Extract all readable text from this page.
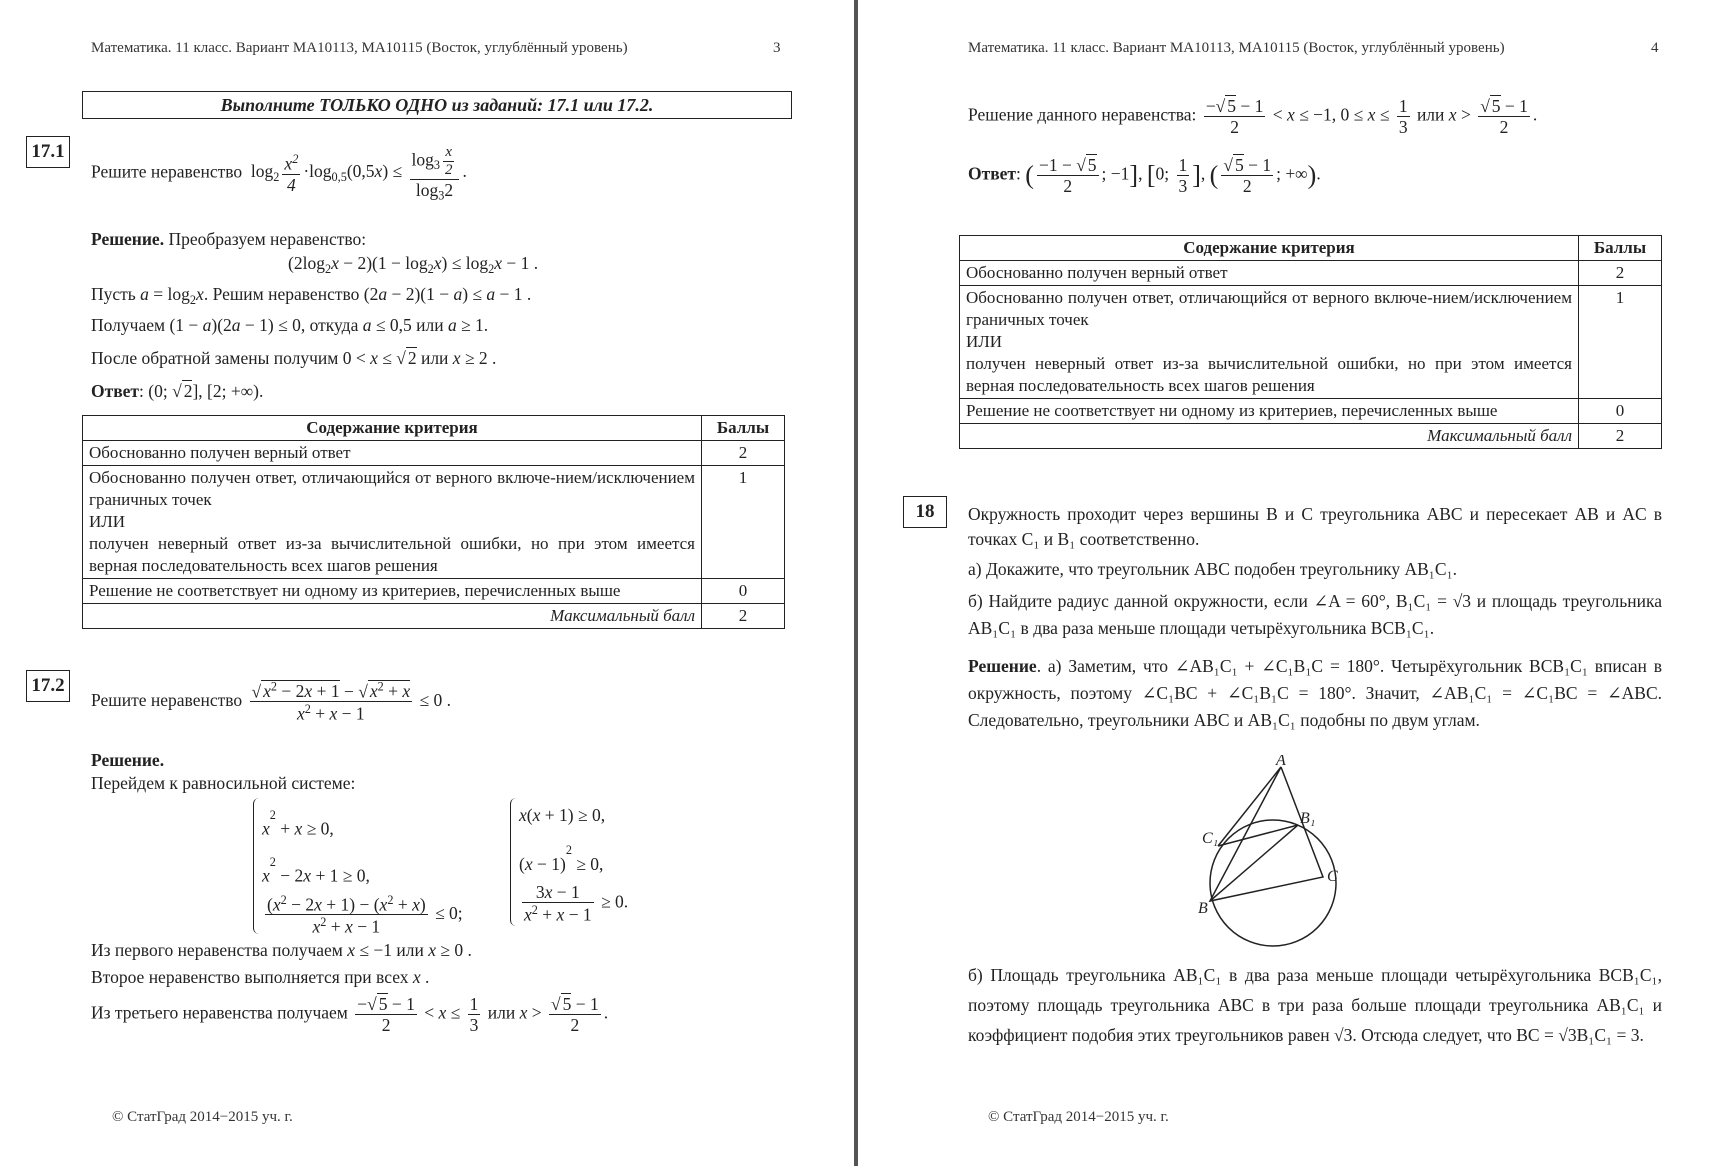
Математика. 11 класс. Вариант МА10113, МА10115 (Восток, углублённый уровень)	3
Выполните ТОЛЬКО ОДНО из заданий: 17.1 или 17.2.
17.1
Решите неравенство  $\log_2 \frac{x^2}{4} \cdot\log_{0,5}(0,5x) \le \frac{\log_3 \frac{x}{2}}{\log_32}$ .
Решение. Преобразуем неравенство:
$(2\log_2x - 2)(1 - \log_2x) \le \log_2x - 1$ .
Пусть $a = \log_2x$. Решим неравенство (2a − 2)(1 − a) ≤ a − 1 .
Получаем (1 − a)(2a − 1) ≤ 0, откуда a ≤ 0,5 или a ≥ 1.
После обратной замены получим 0 < x ≤ √ 2 или x ≥ 2 .
Ответ: (0; √ 2], [2; +∞).
Содержание критерия	Баллы
Обоснованно получен верный ответ	2
Обоснованно получен ответ, отличающийся от верного включе-нием/исключением граничных точек
ИЛИ
получен неверный ответ из-за вычислительной ошибки, но при этом имеется верная последовательность всех шагов решения	1
Решение не соответствует ни одному из критериев, перечисленных выше	0
Максимальный балл	2
17.2
Решите неравенство $\frac{√ x^2 - 2x + 1 - √ x^2 + x}{x^2 + x - 1} \le 0$ .
Решение.
Перейдем к равносильной системе:
$x^2 + x \ge 0$,
$x^2 - 2x + 1 \ge 0$,
$\frac{(x^2 - 2x + 1) - (x^2 + x)}{x^2 + x - 1} \le 0$;
x(x + 1) ≥ 0,
$(x - 1)^2 \ge 0$,
$\frac{3x - 1}{x^2 + x - 1} \ge 0$.
Из первого неравенства получаем x ≤ −1 или x ≥ 0 .
Второе неравенство выполняется при всех x .
Из третьего неравенства получаем $\frac{-√ 5 - 1}{2} < x \le \frac{1}{3}$ или $x > \frac{√ 5 - 1}{2}$ .
© СтатГрад 2014−2015 уч. г.
Математика. 11 класс. Вариант МА10113, МА10115 (Восток, углублённый уровень)	4
Решение данного неравенства: $\frac{-√ 5 - 1}{2} < x \le -1$, $0 \le x \le \frac{1}{3}$ или $x > \frac{√ 5 - 1}{2}$ .
Ответ: ( $\frac{-1 - √ 5}{2}$ ; −1], [0; $\frac{1}{3}$ ], ( $\frac{√ 5 - 1}{2}$ ; +∞).
Содержание критерия	Баллы
Обоснованно получен верный ответ	2
Обоснованно получен ответ, отличающийся от верного включе-нием/исключением граничных точек
ИЛИ
получен неверный ответ из-за вычислительной ошибки, но при этом имеется верная последовательность всех шагов решения	1
Решение не соответствует ни одному из критериев, перечисленных выше	0
Максимальный балл	2
18	Окружность проходит через вершины B и C треугольника ABC и пересекает AB и AC в точках C₁ и B₁ соответственно.
а) Докажите, что треугольник ABC подобен треугольнику AB₁C₁.
б) Найдите радиус данной окружности, если ∠A = 60°, B₁C₁ = √3 и площадь треугольника AB₁C₁ в два раза меньше площади четырёхугольника BCB₁C₁.
Решение. а) Заметим, что ∠AB₁C₁ + ∠C₁B₁C = 180°. Четырёхугольник BCB₁C₁ вписан в окружность, поэтому ∠C₁BC + ∠C₁B₁C = 180°. Значит, ∠AB₁C₁ = ∠C₁BC = ∠ABC. Следовательно, треугольники ABC и AB₁C₁ подобны по двум углам.
A
B
C
B₁
C₁
б) Площадь треугольника AB₁C₁ в два раза меньше площади четырёхугольника BCB₁C₁, поэтому площадь треугольника ABC в три раза больше площади треугольника AB₁C₁ и коэффициент подобия этих треугольников равен √3. Отсюда следует, что BC = √3B₁C₁ = 3.
© СтатГрад 2014−2015 уч. г.
